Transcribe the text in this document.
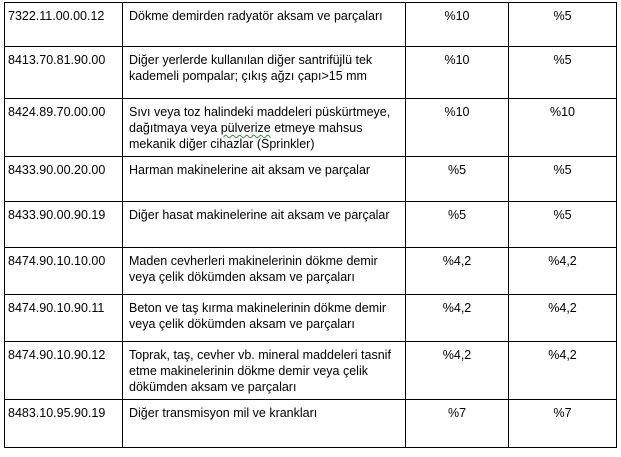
7322.11.00.00.12	Dökme demirden radyatör aksam ve parçaları	%10	%5
8413.70.81.90.00	Diğer yerlerde kullanılan diğer santrifüjlü tek
kademeli pompalar; çıkış ağzı çapı>15 mm	%10	%5
8424.89.70.00.00	Sıvı veya toz halindeki maddeleri püskürtmeye,
dağıtmaya veya pülverize etmeye mahsus
mekanik diğer cihazlar (Sprinkler)	%10	%10
8433.90.00.20.00	Harman makinelerine ait aksam ve parçalar	%5	%5
8433.90.00.90.19	Diğer hasat makinelerine ait aksam ve parçalar	%5	%5
8474.90.10.10.00	Maden cevherleri makinelerinin dökme demir
veya çelik dökümden aksam ve parçaları	%4,2	%4,2
8474.90.10.90.11	Beton ve taş kırma makinelerinin dökme demir
veya çelik dökümden aksam ve parçaları	%4,2	%4,2
8474.90.10.90.12	Toprak, taş, cevher vb. mineral maddeleri tasnif
etme makinelerinin dökme demir veya çelik
dökümden aksam ve parçaları	%4,2	%4,2
8483.10.95.90.19	Diğer transmisyon mil ve krankları	%7	%7
